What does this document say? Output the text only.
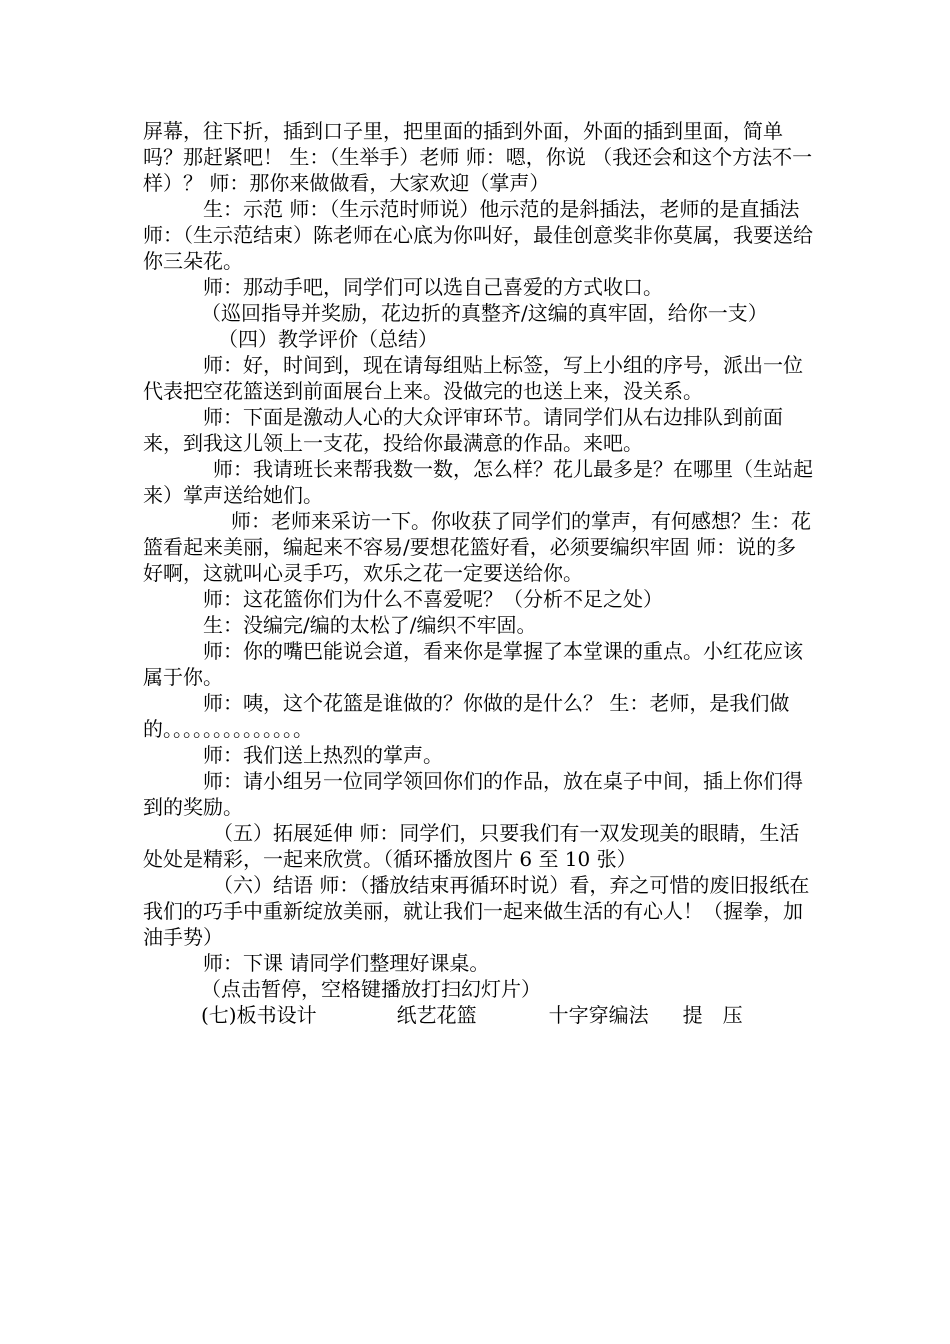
屏幕，往下折，插到口子里，把里面的插到外面，外面的插到里面，简单吗？那赶紧吧！ 生：（生举手）老师 师：嗯，你说 （我还会和这个方法不一样）？ 师：那你来做做看，大家欢迎（掌声）

生：示范 师：（生示范时师说）他示范的是斜插法，老师的是直插法 师：（生示范结束）陈老师在心底为你叫好，最佳创意奖非你莫属，我要送给你三朵花。

师：那动手吧，同学们可以选自己喜爱的方式收口。

（巡回指导并奖励，花边折的真整齐/这编的真牢固，给你一支）

（四）教学评价（总结）

师：好，时间到，现在请每组贴上标签，写上小组的序号，派出一位代表把空花篮送到前面展台上来。没做完的也送上来，没关系。

师：下面是激动人心的大众评审环节。请同学们从右边排队到前面来，到我这儿领上一支花，投给你最满意的作品。来吧。

师：我请班长来帮我数一数，怎么样？花儿最多是？在哪里（生站起来）掌声送给她们。

师：老师来采访一下。你收获了同学们的掌声，有何感想？生：花篮看起来美丽，编起来不容易/要想花篮好看，必须要编织牢固 师：说的多好啊，这就叫心灵手巧，欢乐之花一定要送给你。

师：这花篮你们为什么不喜爱呢？（分析不足之处）

生：没编完/编的太松了/编织不牢固。

师：你的嘴巴能说会道，看来你是掌握了本堂课的重点。小红花应该属于你。

师：咦，这个花篮是谁做的？你做的是什么？ 生：老师，是我们做的。。。。。。。。。。。。。。

师：我们送上热烈的掌声。

师：请小组另一位同学领回你们的作品，放在桌子中间，插上你们得到的奖励。

（五）拓展延伸 师：同学们，只要我们有一双发现美的眼睛，生活处处是精彩，一起来欣赏。（循环播放图片 6 至 10 张）

（六）结语 师：（播放结束再循环时说）看，弃之可惜的废旧报纸在我们的巧手中重新绽放美丽，就让我们一起来做生活的有心人！（握拳，加油手势）

师：下课 请同学们整理好课桌。

（点击暂停，空格键播放打扫幻灯片）

(七)板书设计	纸艺花篮	十字穿编法 提 压
